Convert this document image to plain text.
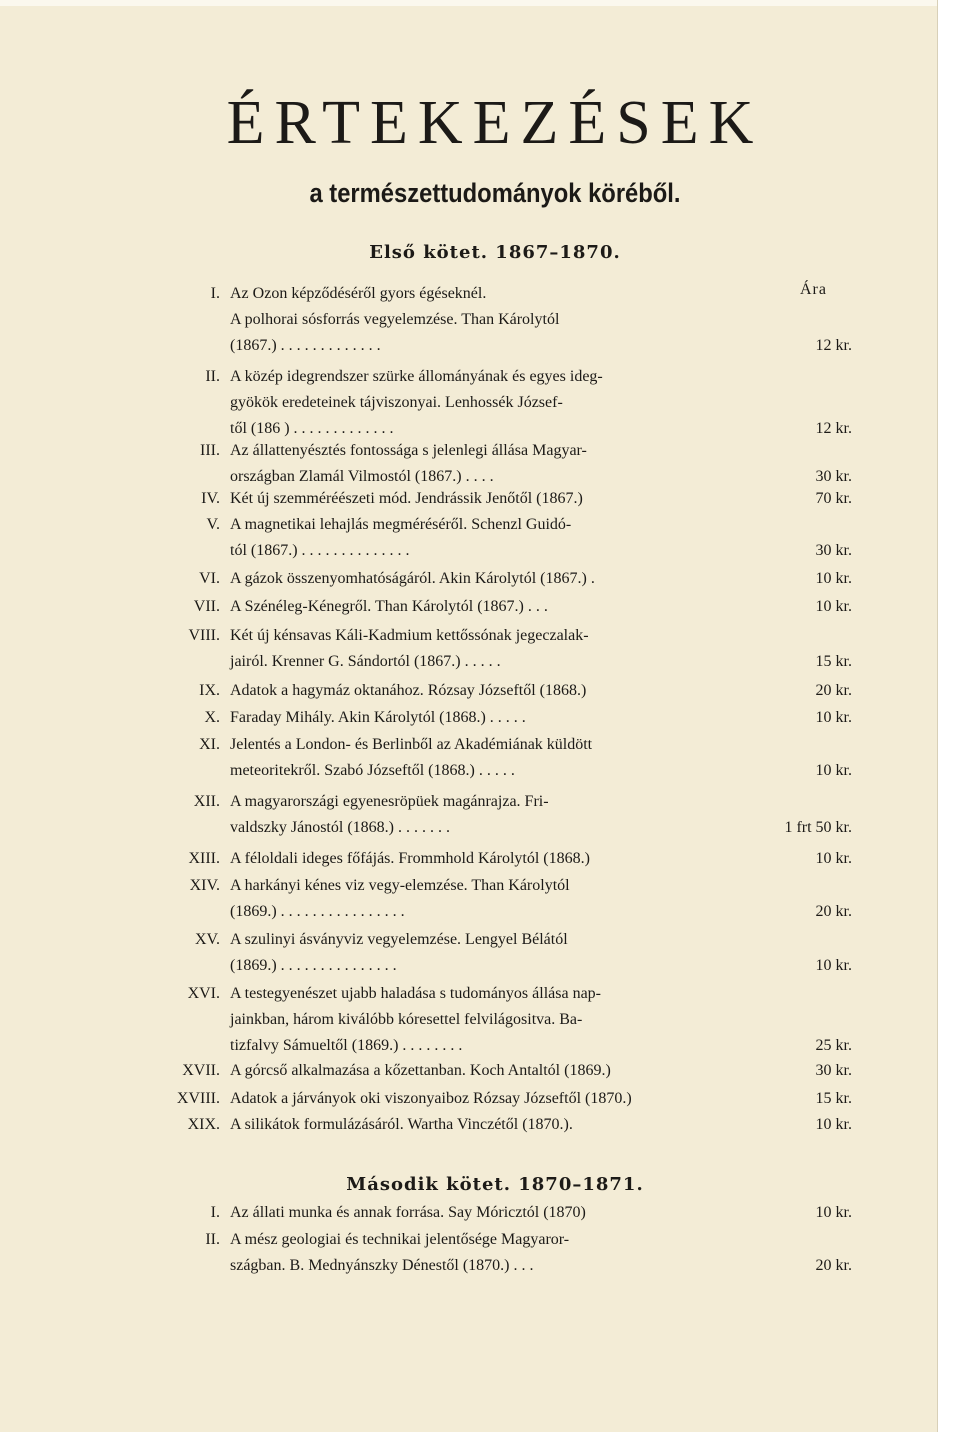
ÉRTEKEZÉSEK
a természettudományok köréből.
Első kötet. 1867–1870.
Ára
I. Az Ozon képződéséről gyors égéseknél.
A polhorai sósforrás vegyelemzése. Than Károlytól
(1867.) . . . . . . . . . . . . .	12 kr.
II. A közép idegrendszer szürke állományának és egyes ideg-
gyökök eredeteinek tájviszonyai. Lenhossék József-
től (186 ) . . . . . . . . . . . . .	12 kr.
III. Az állattenyésztés fontossága s jelenlegi állása Magyar-
országban Zlamál Vilmostól (1867.) . . . .	30 kr.
IV. Két új szemméréészeti mód. Jendrássik Jenőtől (1867.)	70 kr.
V. A magnetikai lehajlás megméréséről. Schenzl Guidó-
tól (1867.) . . . . . . . . . . . . . .	30 kr.
VI. A gázok összenyomhatóságáról. Akin Károlytól (1867.) .	10 kr.
VII. A Szénéleg-Kénegről. Than Károlytól (1867.) . . .	10 kr.
VIII. Két új kénsavas Káli-Kadmium kettőssónak jegeczalak-
jairól. Krenner G. Sándortól (1867.) . . . . .	15 kr.
IX. Adatok a hagymáz oktanához. Rózsay Józseftől (1868.)	20 kr.
X. Faraday Mihály. Akin Károlytól (1868.) . . . . .	10 kr.
XI. Jelentés a London- és Berlinből az Akadémiának küldött
meteoritekről. Szabó Józseftől (1868.) . . . . .	10 kr.
XII. A magyarországi egyenesröpüek magánrajza. Fri-
valdszky Jánostól (1868.) . . . . . . .	1 frt 50 kr.
XIII. A féloldali ideges főfájás. Frommhold Károlytól (1868.)	10 kr.
XIV. A harkányi kénes viz vegy-elemzése. Than Károlytól
(1869.) . . . . . . . . . . . . . . . .	20 kr.
XV. A szulinyi ásványviz vegyelemzése. Lengyel Bélától
(1869.) . . . . . . . . . . . . . . .	10 kr.
XVI. A testegyenészet ujabb haladása s tudományos állása nap-
jainkban, három kiválóbb kóresettel felvilágositva. Ba-
tizfalvy Sámueltől (1869.) . . . . . . . .	25 kr.
XVII. A górcső alkalmazása a kőzettanban. Koch Antaltól (1869.)	30 kr.
XVIII. Adatok a járványok oki viszonyaiboz Rózsay Józseftől (1870.)	15 kr.
XIX. A silikátok formulázásáról. Wartha Vinczétől (1870.).	10 kr.
Második kötet. 1870–1871.
I. Az állati munka és annak forrása. Say Móricztól (1870)	10 kr.
II. A mész geologiai és technikai jelentősége Magyaror-
szágban. B. Mednyánszky Dénestől (1870.) . . .	20 kr.
